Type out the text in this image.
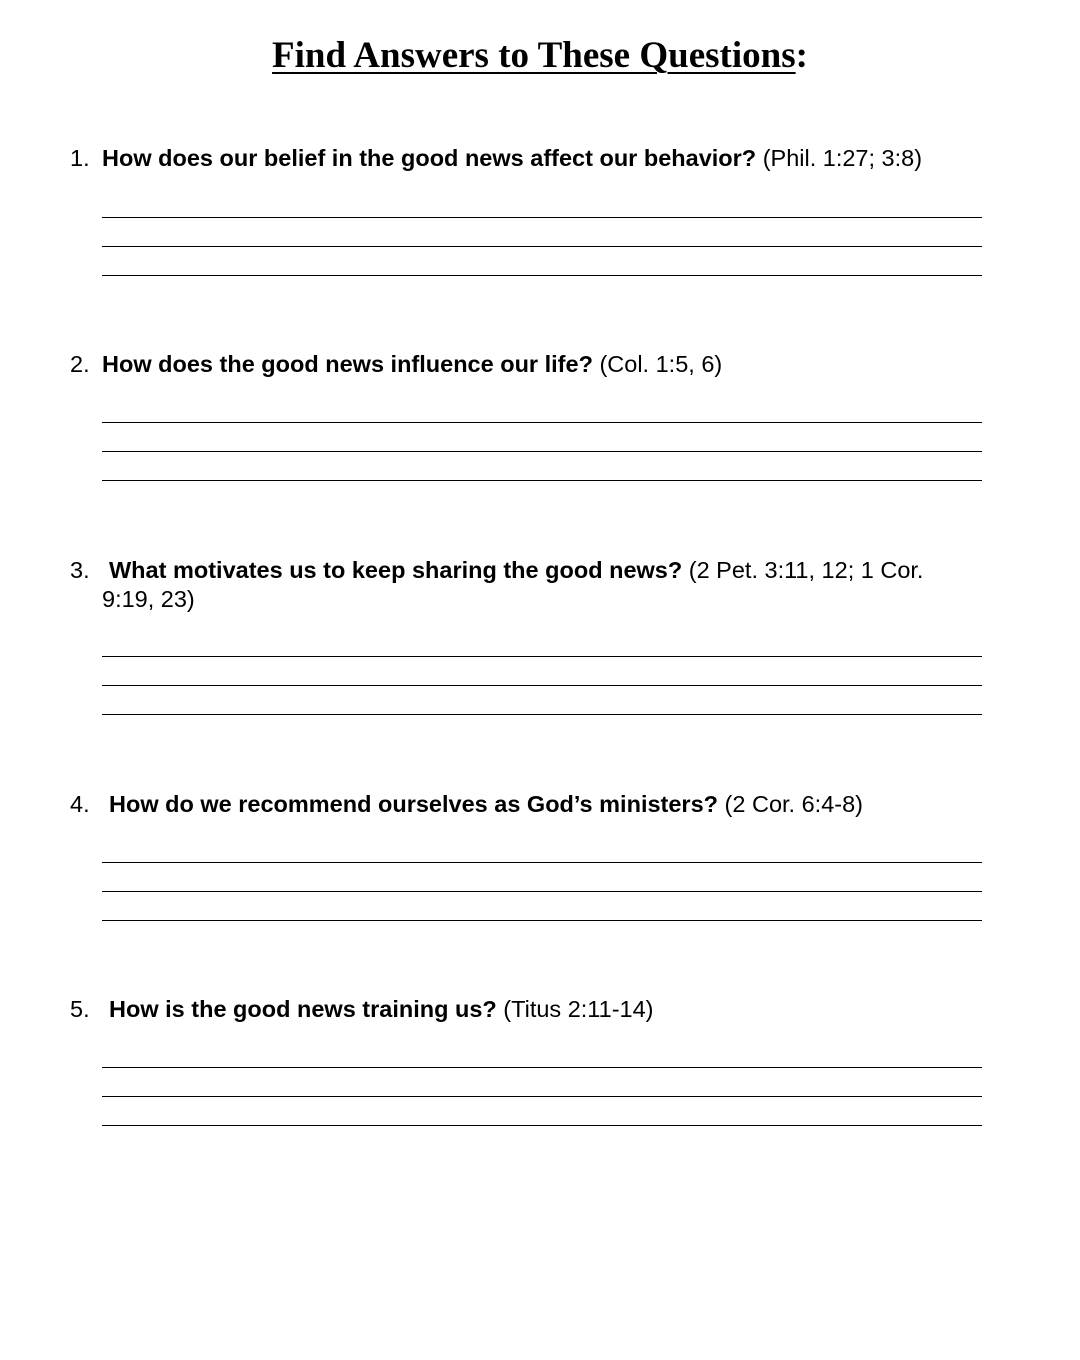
Find Answers to These Questions:
1. How does our belief in the good news affect our behavior? (Phil. 1:27; 3:8)
2. How does the good news influence our life? (Col. 1:5, 6)
3. What motivates us to keep sharing the good news? (2 Pet. 3:11, 12; 1 Cor.
9:19, 23)
4. How do we recommend ourselves as God’s ministers? (2 Cor. 6:4-8)
5. How is the good news training us? (Titus 2:11-14)
